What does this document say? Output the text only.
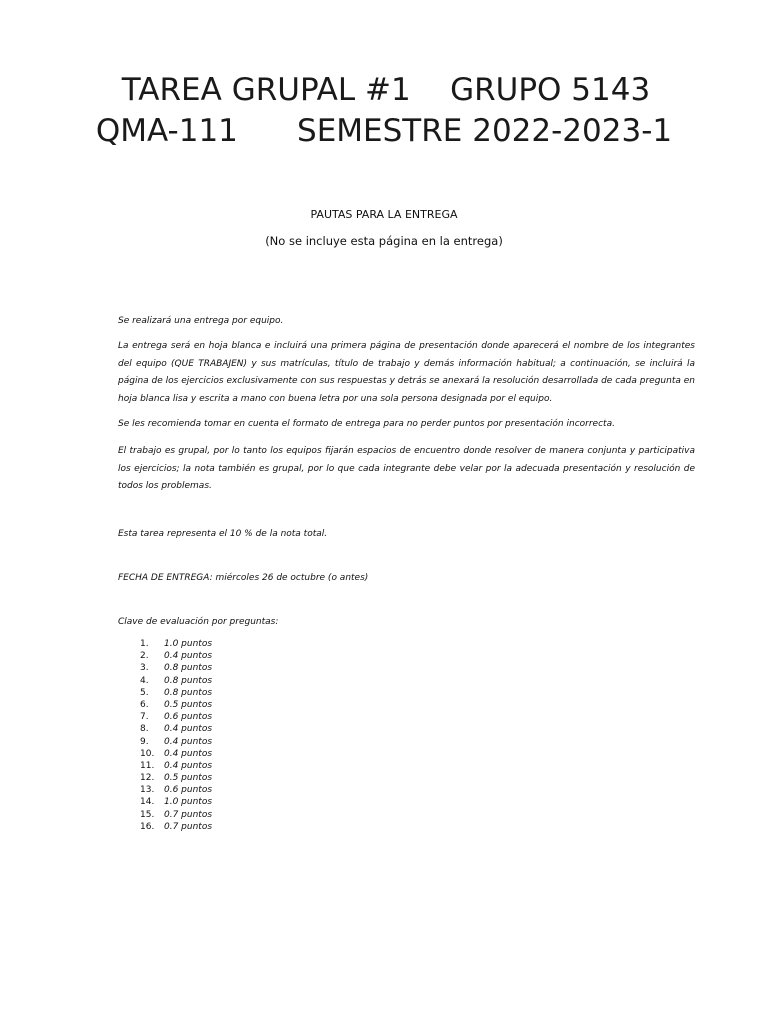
TAREA GRUPAL #1    GRUPO 5143
QMA-111      SEMESTRE 2022-2023-1
PAUTAS PARA LA ENTREGA
(No se incluye esta página en la entrega)

Se realizará una entrega por equipo.

La entrega será en hoja blanca e incluirá una primera página de presentación donde aparecerá el nombre de los integrantes del equipo (QUE TRABAJEN) y sus matrículas, título de trabajo y demás información habitual; a continuación, se incluirá la página de los ejercicios exclusivamente con sus respuestas y detrás se anexará la resolución desarrollada de cada pregunta en hoja blanca lisa y escrita a mano con buena letra por una sola persona designada por el equipo.

Se les recomienda tomar en cuenta el formato de entrega para no perder puntos por presentación incorrecta.

El trabajo es grupal, por lo tanto los equipos fijarán espacios de encuentro donde resolver de manera conjunta y participativa los ejercicios; la nota también es grupal, por lo que cada integrante debe velar por la adecuada presentación y resolución de todos los problemas.

Esta tarea representa el 10 % de la nota total.

FECHA DE ENTREGA: miércoles 26 de octubre (o antes)

Clave de evaluación por preguntas:

1. 1.0 puntos
2. 0.4 puntos
3. 0.8 puntos
4. 0.8 puntos
5. 0.8 puntos
6. 0.5 puntos
7. 0.6 puntos
8. 0.4 puntos
9. 0.4 puntos
10. 0.4 puntos
11. 0.4 puntos
12. 0.5 puntos
13. 0.6 puntos
14. 1.0 puntos
15. 0.7 puntos
16. 0.7 puntos
